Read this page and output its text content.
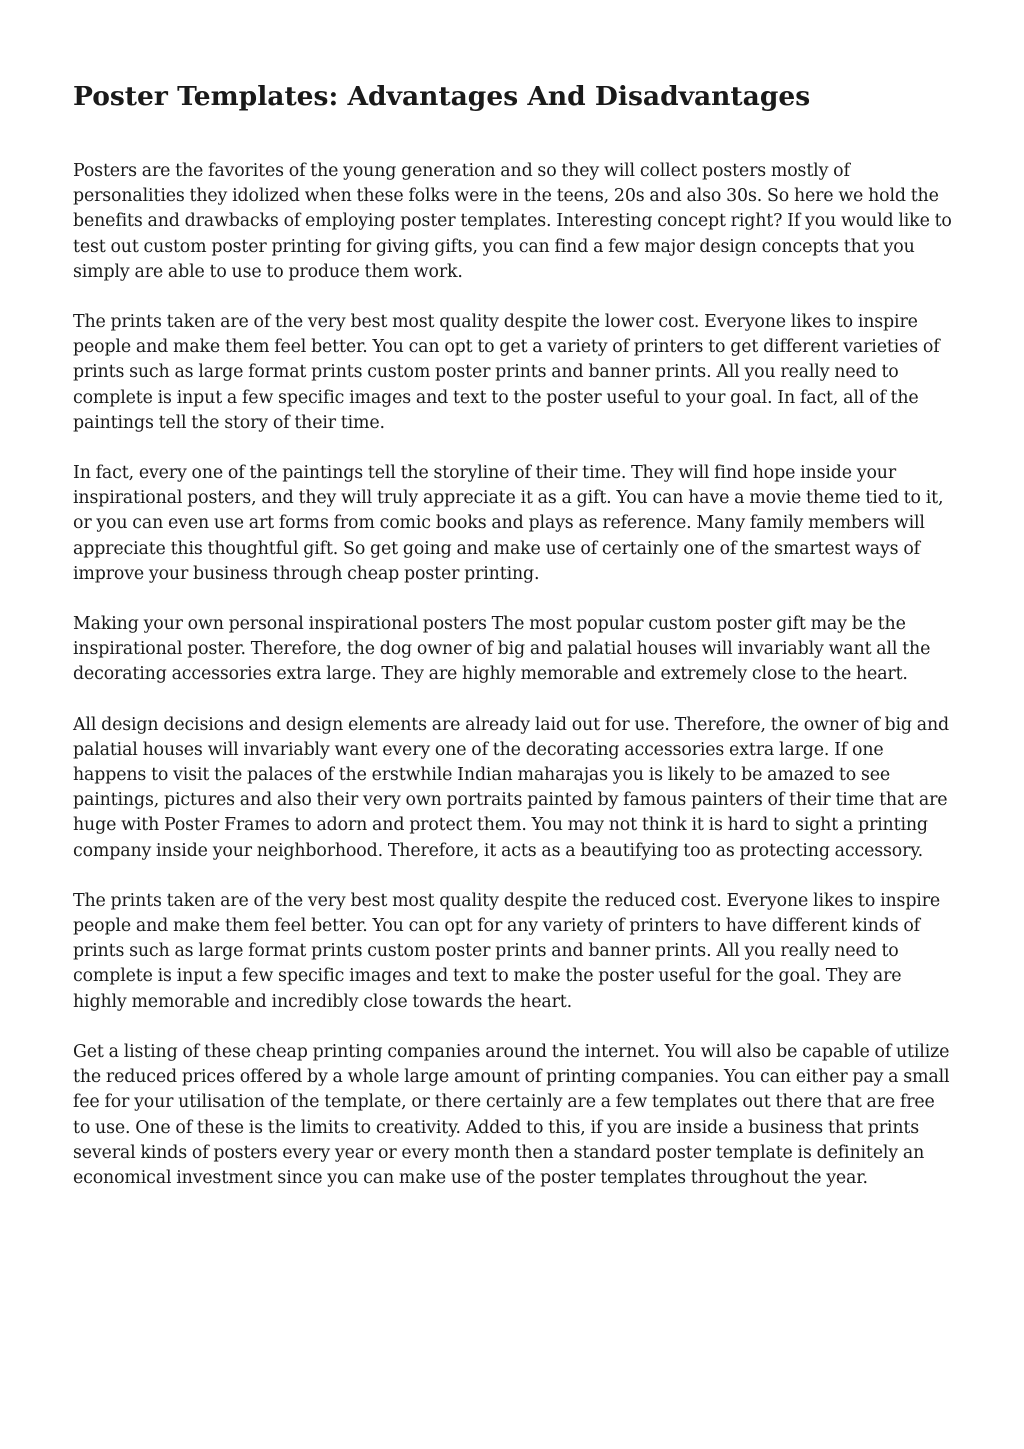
Poster Templates: Advantages And Disadvantages

Posters are the favorites of the young generation and so they will collect posters mostly of personalities they idolized when these folks were in the teens, 20s and also 30s. So here we hold the benefits and drawbacks of employing poster templates. Interesting concept right? If you would like to test out custom poster printing for giving gifts, you can find a few major design concepts that you simply are able to use to produce them work.

The prints taken are of the very best most quality despite the lower cost. Everyone likes to inspire people and make them feel better. You can opt to get a variety of printers to get different varieties of prints such as large format prints custom poster prints and banner prints. All you really need to complete is input a few specific images and text to the poster useful to your goal. In fact, all of the paintings tell the story of their time.

In fact, every one of the paintings tell the storyline of their time. They will find hope inside your inspirational posters, and they will truly appreciate it as a gift. You can have a movie theme tied to it, or you can even use art forms from comic books and plays as reference. Many family members will appreciate this thoughtful gift. So get going and make use of certainly one of the smartest ways of improve your business through cheap poster printing.

Making your own personal inspirational posters The most popular custom poster gift may be the inspirational poster. Therefore, the dog owner of big and palatial houses will invariably want all the decorating accessories extra large. They are highly memorable and extremely close to the heart.

All design decisions and design elements are already laid out for use. Therefore, the owner of big and palatial houses will invariably want every one of the decorating accessories extra large. If one happens to visit the palaces of the erstwhile Indian maharajas you is likely to be amazed to see paintings, pictures and also their very own portraits painted by famous painters of their time that are huge with Poster Frames to adorn and protect them. You may not think it is hard to sight a printing company inside your neighborhood. Therefore, it acts as a beautifying too as protecting accessory.

The prints taken are of the very best most quality despite the reduced cost. Everyone likes to inspire people and make them feel better. You can opt for any variety of printers to have different kinds of prints such as large format prints custom poster prints and banner prints. All you really need to complete is input a few specific images and text to make the poster useful for the goal. They are highly memorable and incredibly close towards the heart.

Get a listing of these cheap printing companies around the internet. You will also be capable of utilize the reduced prices offered by a whole large amount of printing companies. You can either pay a small fee for your utilisation of the template, or there certainly are a few templates out there that are free to use. One of these is the limits to creativity. Added to this, if you are inside a business that prints several kinds of posters every year or every month then a standard poster template is definitely an economical investment since you can make use of the poster templates throughout the year.
